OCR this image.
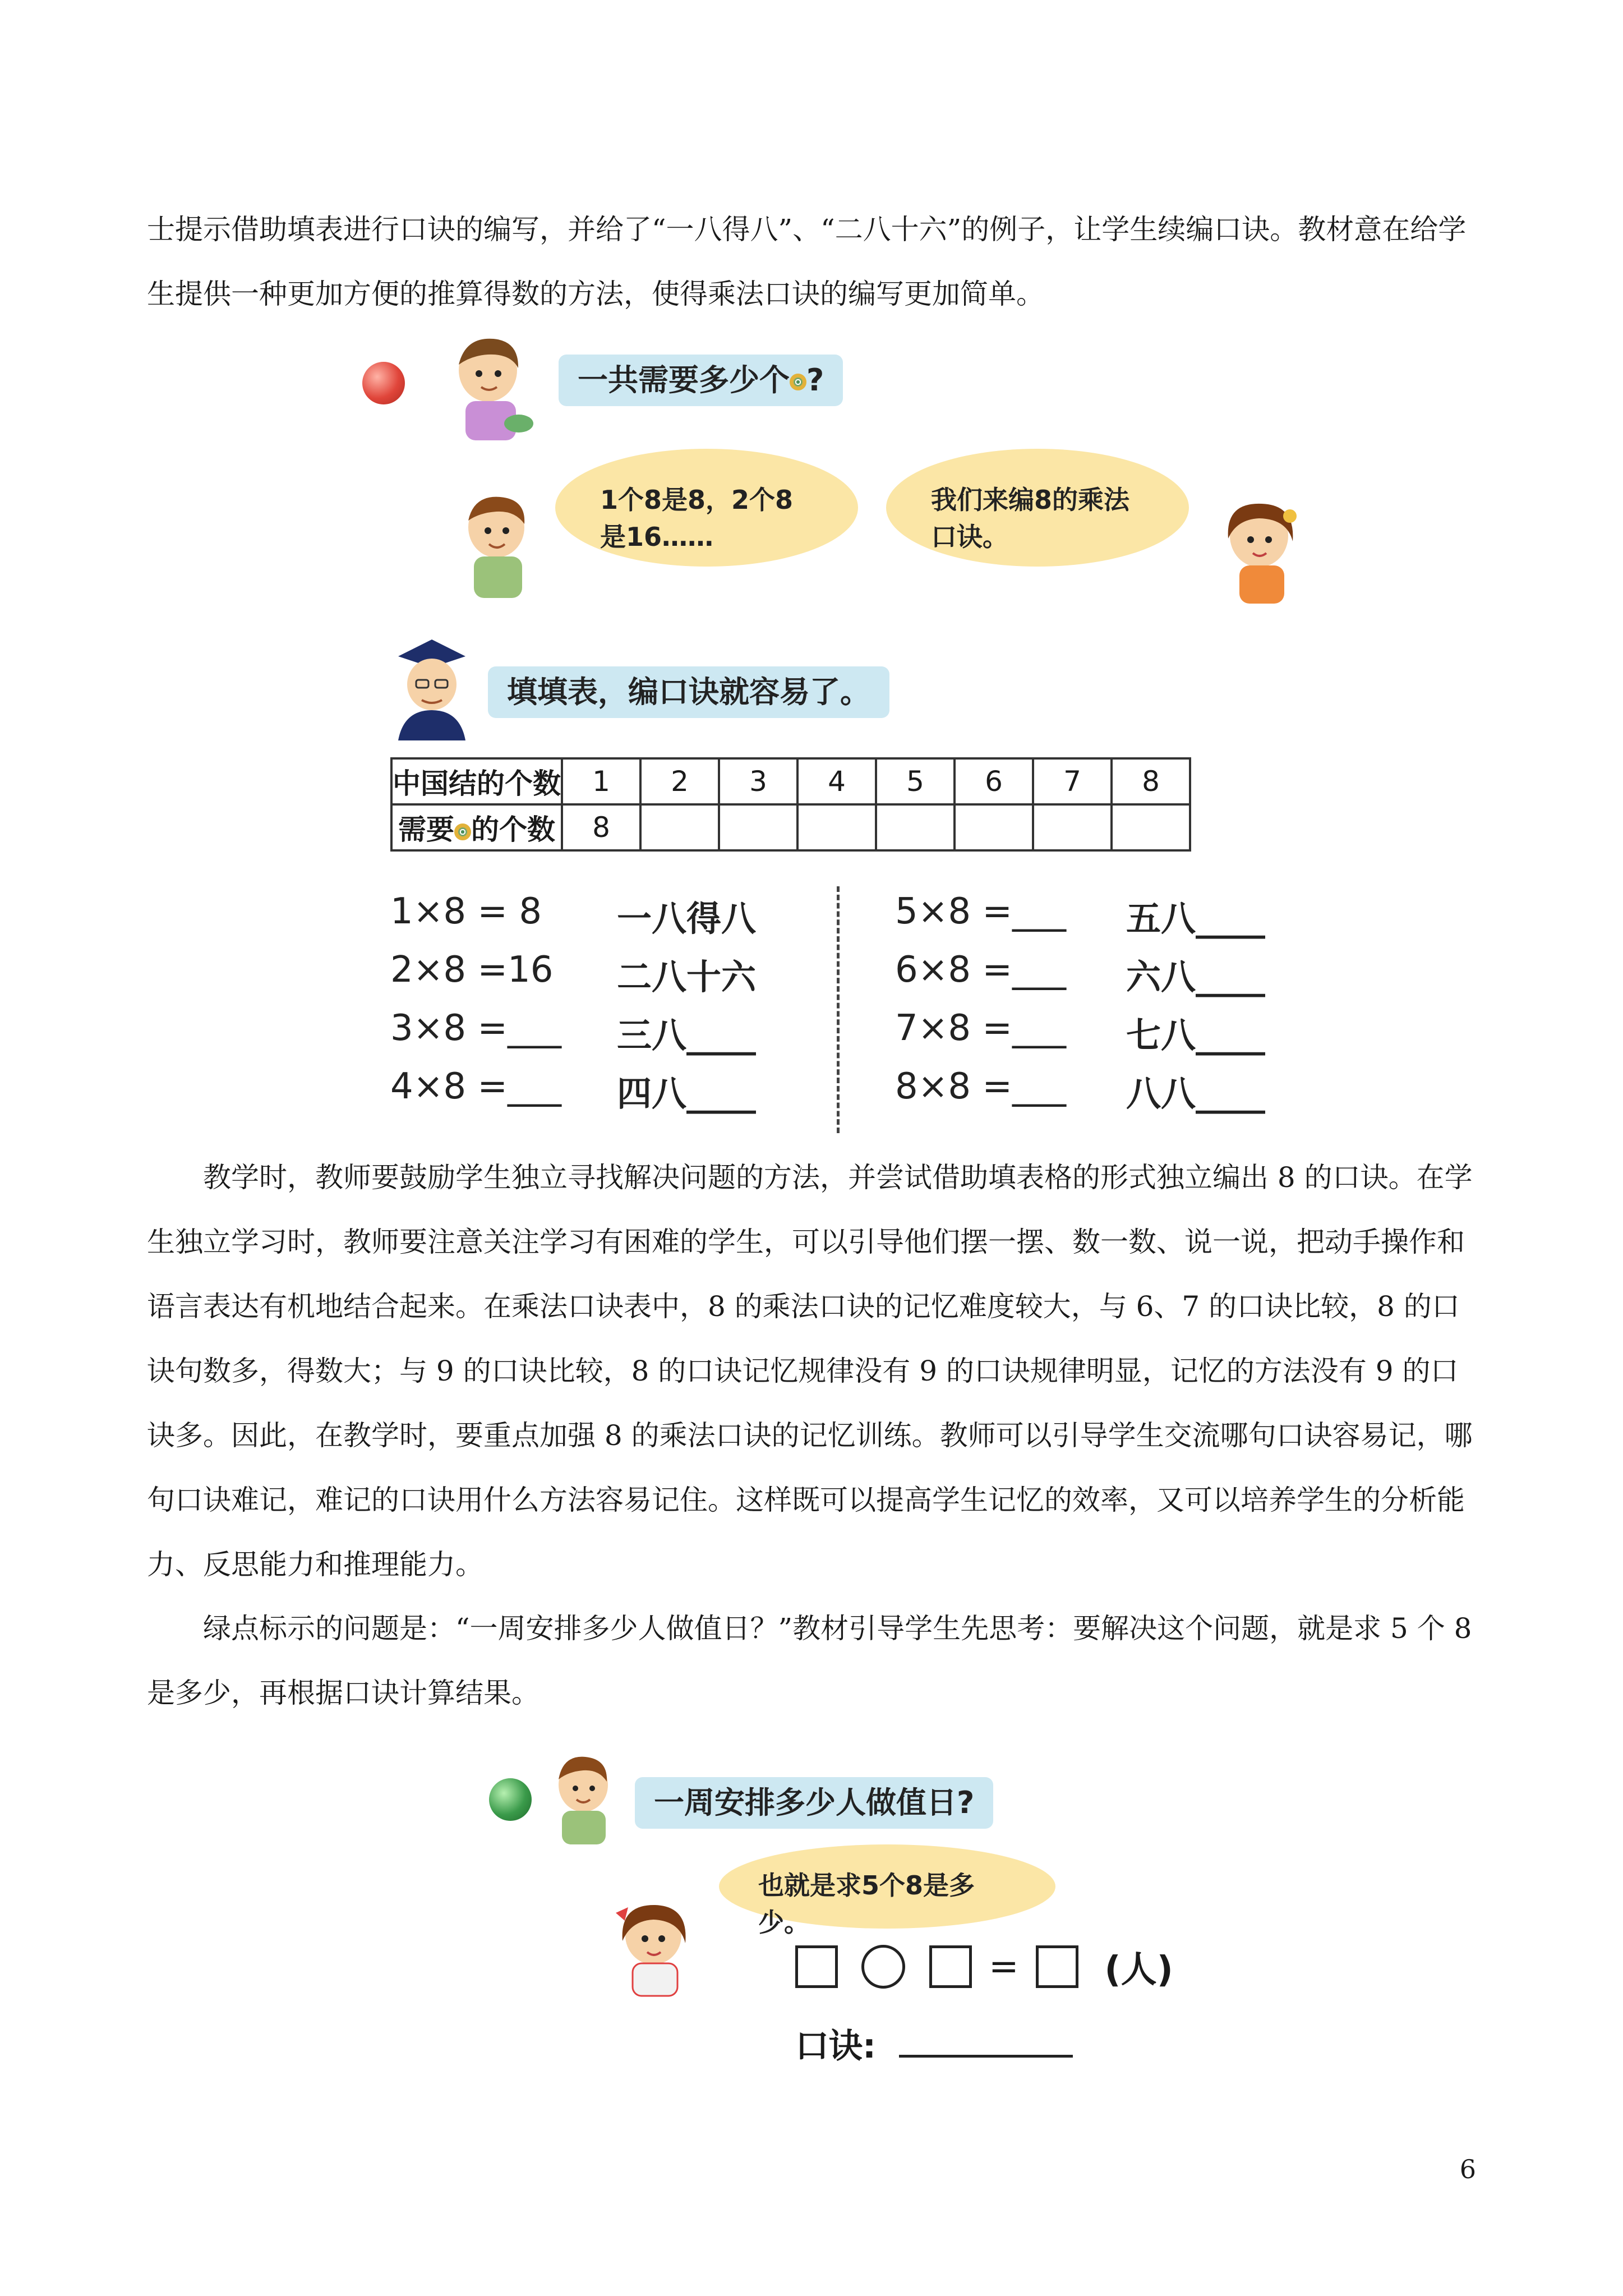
士提示借助填表进行口诀的编写，并给了“一八得八”、“二八十六”的例子，让学生续编口诀。教材意在给学生提供一种更加方便的推算得数的方法，使得乘法口诀的编写更加简单。

一共需要多少个 ?
1个8是8，2个8是16……
我们来编8的乘法口诀。
填填表，编口诀就容易了。
中国结的个数	1	2	3	4	5	6	7	8
需要 的个数	8							
1×8 = 8 一八得八
2×8 =16 二八十六
3×8 =___ 三八____
4×8 =___ 四八____
5×8 =___ 五八____
6×8 =___ 六八____
7×8 =___ 七八____
8×8 =___ 八八____

教学时，教师要鼓励学生独立寻找解决问题的方法，并尝试借助填表格的形式独立编出 8 的口诀。在学生独立学习时，教师要注意关注学习有困难的学生，可以引导他们摆一摆、数一数、说一说，把动手操作和语言表达有机地结合起来。在乘法口诀表中，8 的乘法口诀的记忆难度较大，与 6、7 的口诀比较，8 的口诀句数多，得数大；与 9 的口诀比较，8 的口诀记忆规律没有 9 的口诀规律明显，记忆的方法没有 9 的口诀多。因此，在教学时，要重点加强 8 的乘法口诀的记忆训练。教师可以引导学生交流哪句口诀容易记，哪句口诀难记，难记的口诀用什么方法容易记住。这样既可以提高学生记忆的效率，又可以培养学生的分析能力、反思能力和推理能力。

绿点标示的问题是：“一周安排多少人做值日？”教材引导学生先思考：要解决这个问题，就是求 5 个 8 是多少，再根据口诀计算结果。

一周安排多少人做值日?
也就是求5个8是多少。
= (人)
口诀:
6
